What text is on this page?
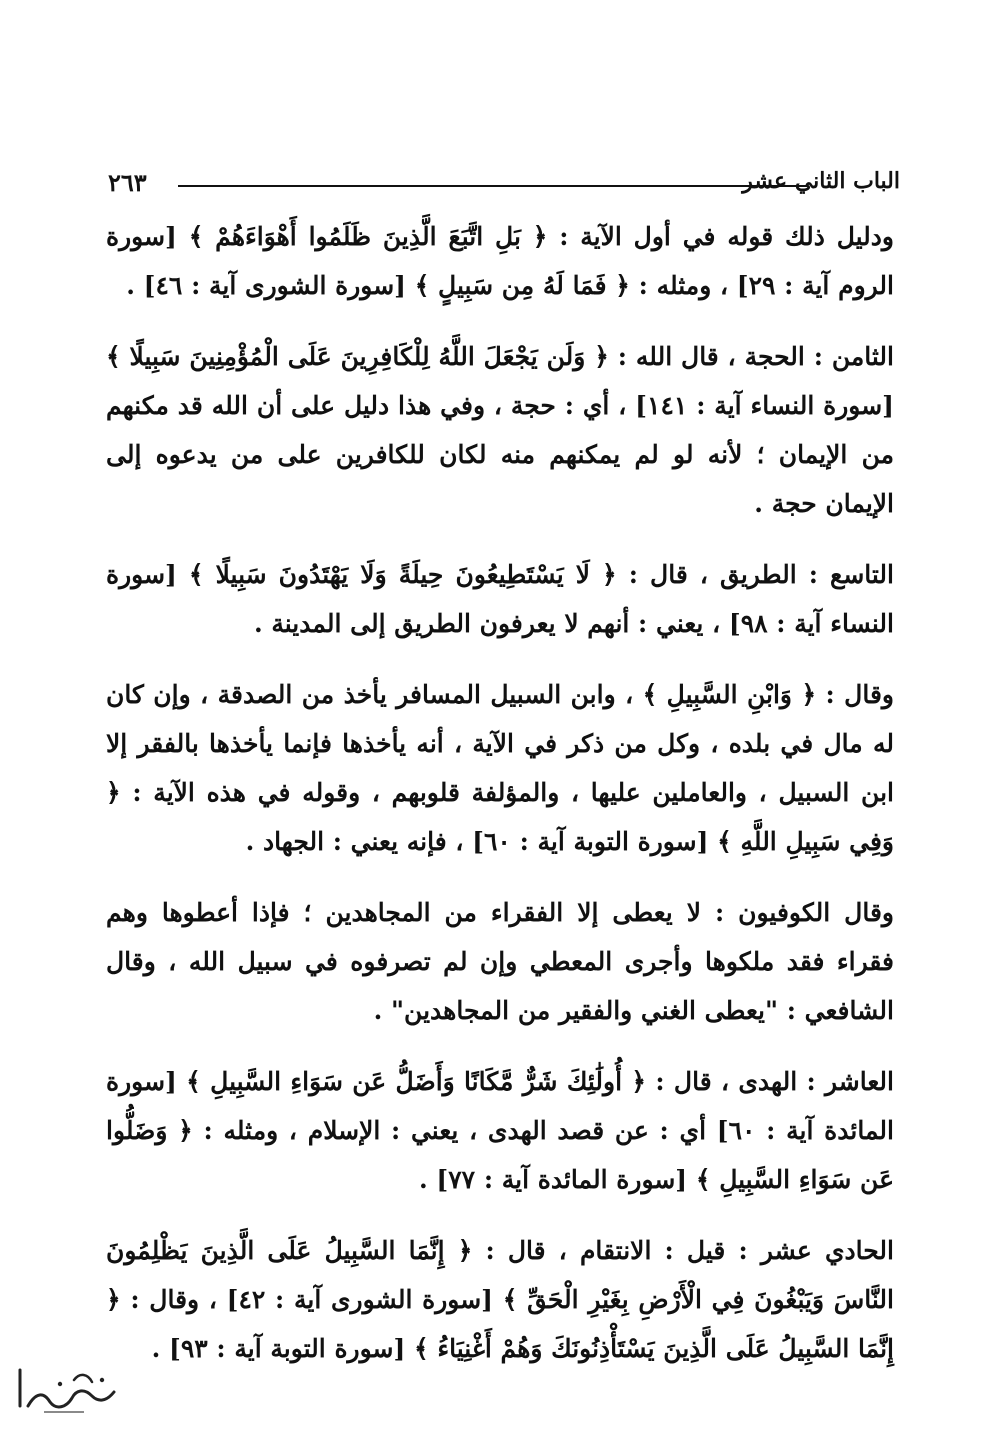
٢٦٣	الباب الثاني عشر

ودليل ذلك قوله في أول الآية : ﴿ بَلِ اتَّبَعَ الَّذِينَ ظَلَمُوا أَهْوَاءَهُمْ ﴾ [سورة الروم آية : ٢٩] ، ومثله : ﴿ فَمَا لَهُ مِن سَبِيلٍ ﴾ [سورة الشورى آية : ٤٦] .

الثامن : الحجة ، قال الله : ﴿ وَلَن يَجْعَلَ اللَّهُ لِلْكَافِرِينَ عَلَى الْمُؤْمِنِينَ سَبِيلًا ﴾ [سورة النساء آية : ١٤١] ، أي : حجة ، وفي هذا دليل على أن الله قد مكنهم من الإيمان ؛ لأنه لو لم يمكنهم منه لكان للكافرين على من يدعوه إلى الإيمان حجة .

التاسع : الطريق ، قال : ﴿ لَا يَسْتَطِيعُونَ حِيلَةً وَلَا يَهْتَدُونَ سَبِيلًا ﴾ [سورة النساء آية : ٩٨] ، يعني : أنهم لا يعرفون الطريق إلى المدينة .

وقال : ﴿ وَابْنِ السَّبِيلِ ﴾ ، وابن السبيل المسافر يأخذ من الصدقة ، وإن كان له مال في بلده ، وكل من ذكر في الآية ، أنه يأخذها فإنما يأخذها بالفقر إلا ابن السبيل ، والعاملين عليها ، والمؤلفة قلوبهم ، وقوله في هذه الآية : ﴿ وَفِي سَبِيلِ اللَّهِ ﴾ [سورة التوبة آية : ٦٠] ، فإنه يعني : الجهاد .

وقال الكوفيون : لا يعطى إلا الفقراء من المجاهدين ؛ فإذا أعطوها وهم فقراء فقد ملكوها وأجرى المعطي وإن لم تصرفوه في سبيل الله ، وقال الشافعي : "يعطى الغني والفقير من المجاهدين" .

العاشر : الهدى ، قال : ﴿ أُولَٰئِكَ شَرٌّ مَّكَانًا وَأَضَلُّ عَن سَوَاءِ السَّبِيلِ ﴾ [سورة المائدة آية : ٦٠] أي : عن قصد الهدى ، يعني : الإسلام ، ومثله : ﴿ وَضَلُّوا عَن سَوَاءِ السَّبِيلِ ﴾ [سورة المائدة آية : ٧٧] .

الحادي عشر : قيل : الانتقام ، قال : ﴿ إِنَّمَا السَّبِيلُ عَلَى الَّذِينَ يَظْلِمُونَ النَّاسَ وَيَبْغُونَ فِي الْأَرْضِ بِغَيْرِ الْحَقِّ ﴾ [سورة الشورى آية : ٤٢] ، وقال : ﴿ إِنَّمَا السَّبِيلُ عَلَى الَّذِينَ يَسْتَأْذِنُونَكَ وَهُمْ أَغْنِيَاءُ ﴾ [سورة التوبة آية : ٩٣] .
